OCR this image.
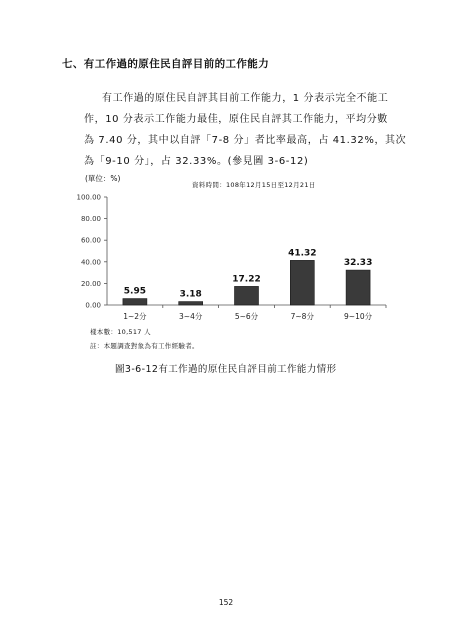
七、有工作過的原住民自評目前的工作能力
有工作過的原住民自評其目前工作能力，1 分表示完全不能工
作，10 分表示工作能力最佳，原住民自評其工作能力，平均分數
為 7.40 分，其中以自評「7-8 分」者比率最高，占 41.32%，其次
為「9-10 分」，占 32.33%。(參見圖 3-6-12)
(單位：%)
資料時間：108年12月15日至12月21日
0.00
20.00
40.00
60.00
80.00
100.00
5.95
1~2分
3.18
3~4分
17.22
5~6分
41.32
7~8分
32.33
9~10分
樣本數：10,517 人
註：本題調查對象為有工作經驗者。
圖3-6-12有工作過的原住民自評目前工作能力情形
152
